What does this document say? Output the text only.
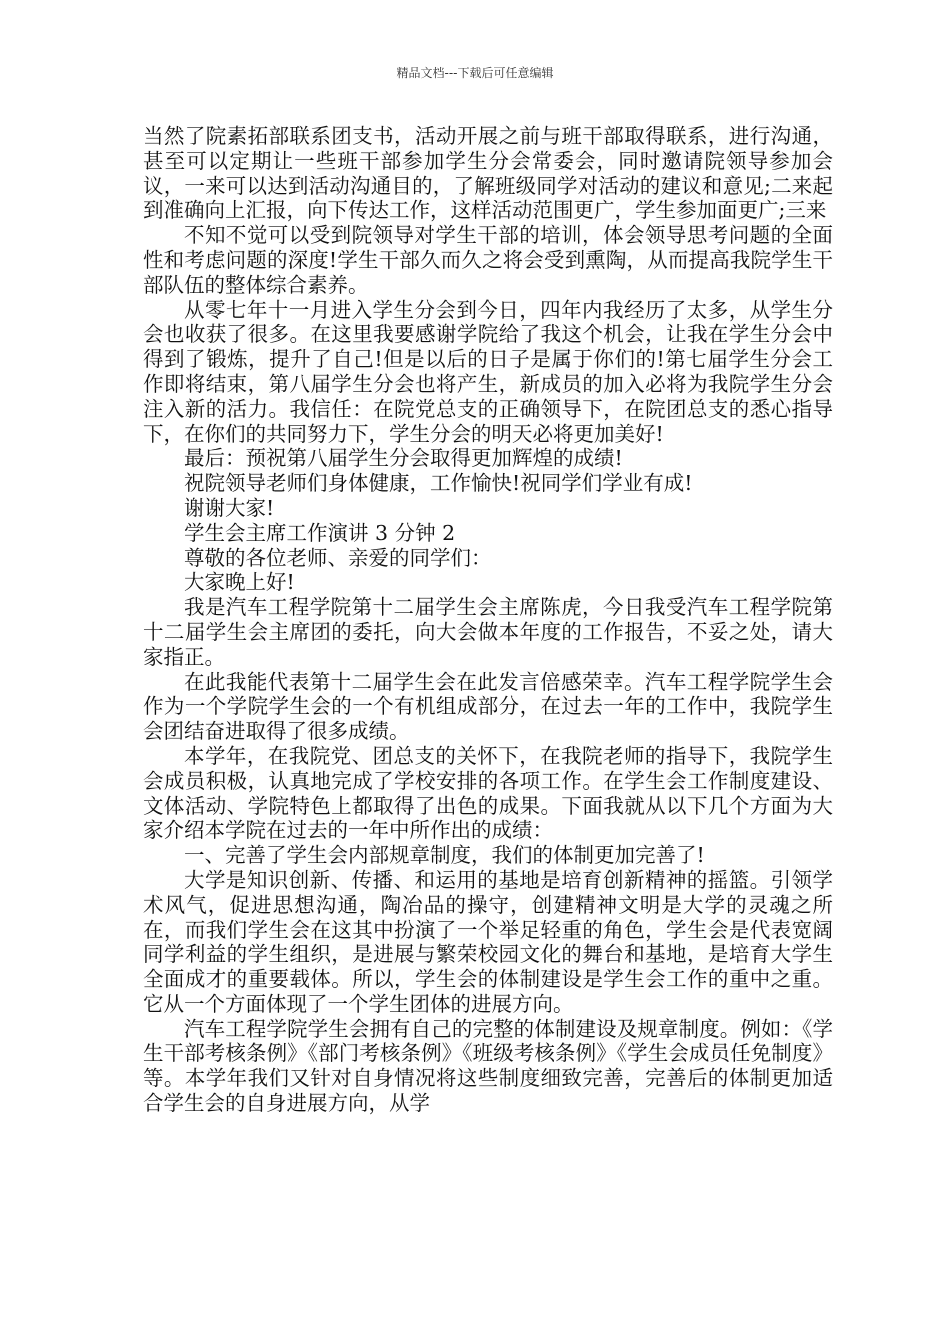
精品文档---下载后可任意编辑

当然了院素拓部联系团支书，活动开展之前与班干部取得联系，进行沟通，甚至可以定期让一些班干部参加学生分会常委会，同时邀请院领导参加会议，一来可以达到活动沟通目的，了解班级同学对活动的建议和意见;二来起到准确向上汇报，向下传达工作，这样活动范围更广，学生参加面更广;三来

不知不觉可以受到院领导对学生干部的培训，体会领导思考问题的全面性和考虑问题的深度!学生干部久而久之将会受到熏陶，从而提高我院学生干部队伍的整体综合素养。

从零七年十一月进入学生分会到今日，四年内我经历了太多，从学生分会也收获了很多。在这里我要感谢学院给了我这个机会，让我在学生分会中得到了锻炼，提升了自己!但是以后的日子是属于你们的!第七届学生分会工作即将结束，第八届学生分会也将产生，新成员的加入必将为我院学生分会注入新的活力。我信任：在院党总支的正确领导下，在院团总支的悉心指导下，在你们的共同努力下，学生分会的明天必将更加美好!

最后：预祝第八届学生分会取得更加辉煌的成绩!

祝院领导老师们身体健康，工作愉快!祝同学们学业有成!

谢谢大家!

学生会主席工作演讲 3 分钟 2

尊敬的各位老师、亲爱的同学们：

大家晚上好!

我是汽车工程学院第十二届学生会主席陈虎，今日我受汽车工程学院第十二届学生会主席团的委托，向大会做本年度的工作报告，不妥之处，请大家指正。

在此我能代表第十二届学生会在此发言倍感荣幸。汽车工程学院学生会作为一个学院学生会的一个有机组成部分，在过去一年的工作中，我院学生会团结奋进取得了很多成绩。

本学年，在我院党、团总支的关怀下，在我院老师的指导下，我院学生会成员积极，认真地完成了学校安排的各项工作。在学生会工作制度建设、文体活动、学院特色上都取得了出色的成果。下面我就从以下几个方面为大家介绍本学院在过去的一年中所作出的成绩：

一、完善了学生会内部规章制度，我们的体制更加完善了!

大学是知识创新、传播、和运用的基地是培育创新精神的摇篮。引领学术风气，促进思想沟通，陶冶品的操守，创建精神文明是大学的灵魂之所在，而我们学生会在这其中扮演了一个举足轻重的角色，学生会是代表宽阔同学利益的学生组织，是进展与繁荣校园文化的舞台和基地，是培育大学生全面成才的重要载体。所以，学生会的体制建设是学生会工作的重中之重。它从一个方面体现了一个学生团体的进展方向。

汽车工程学院学生会拥有自己的完整的体制建设及规章制度。例如：《学生干部考核条例》《部门考核条例》《班级考核条例》《学生会成员任免制度》等。本学年我们又针对自身情况将这些制度细致完善，完善后的体制更加适合学生会的自身进展方向，从学
